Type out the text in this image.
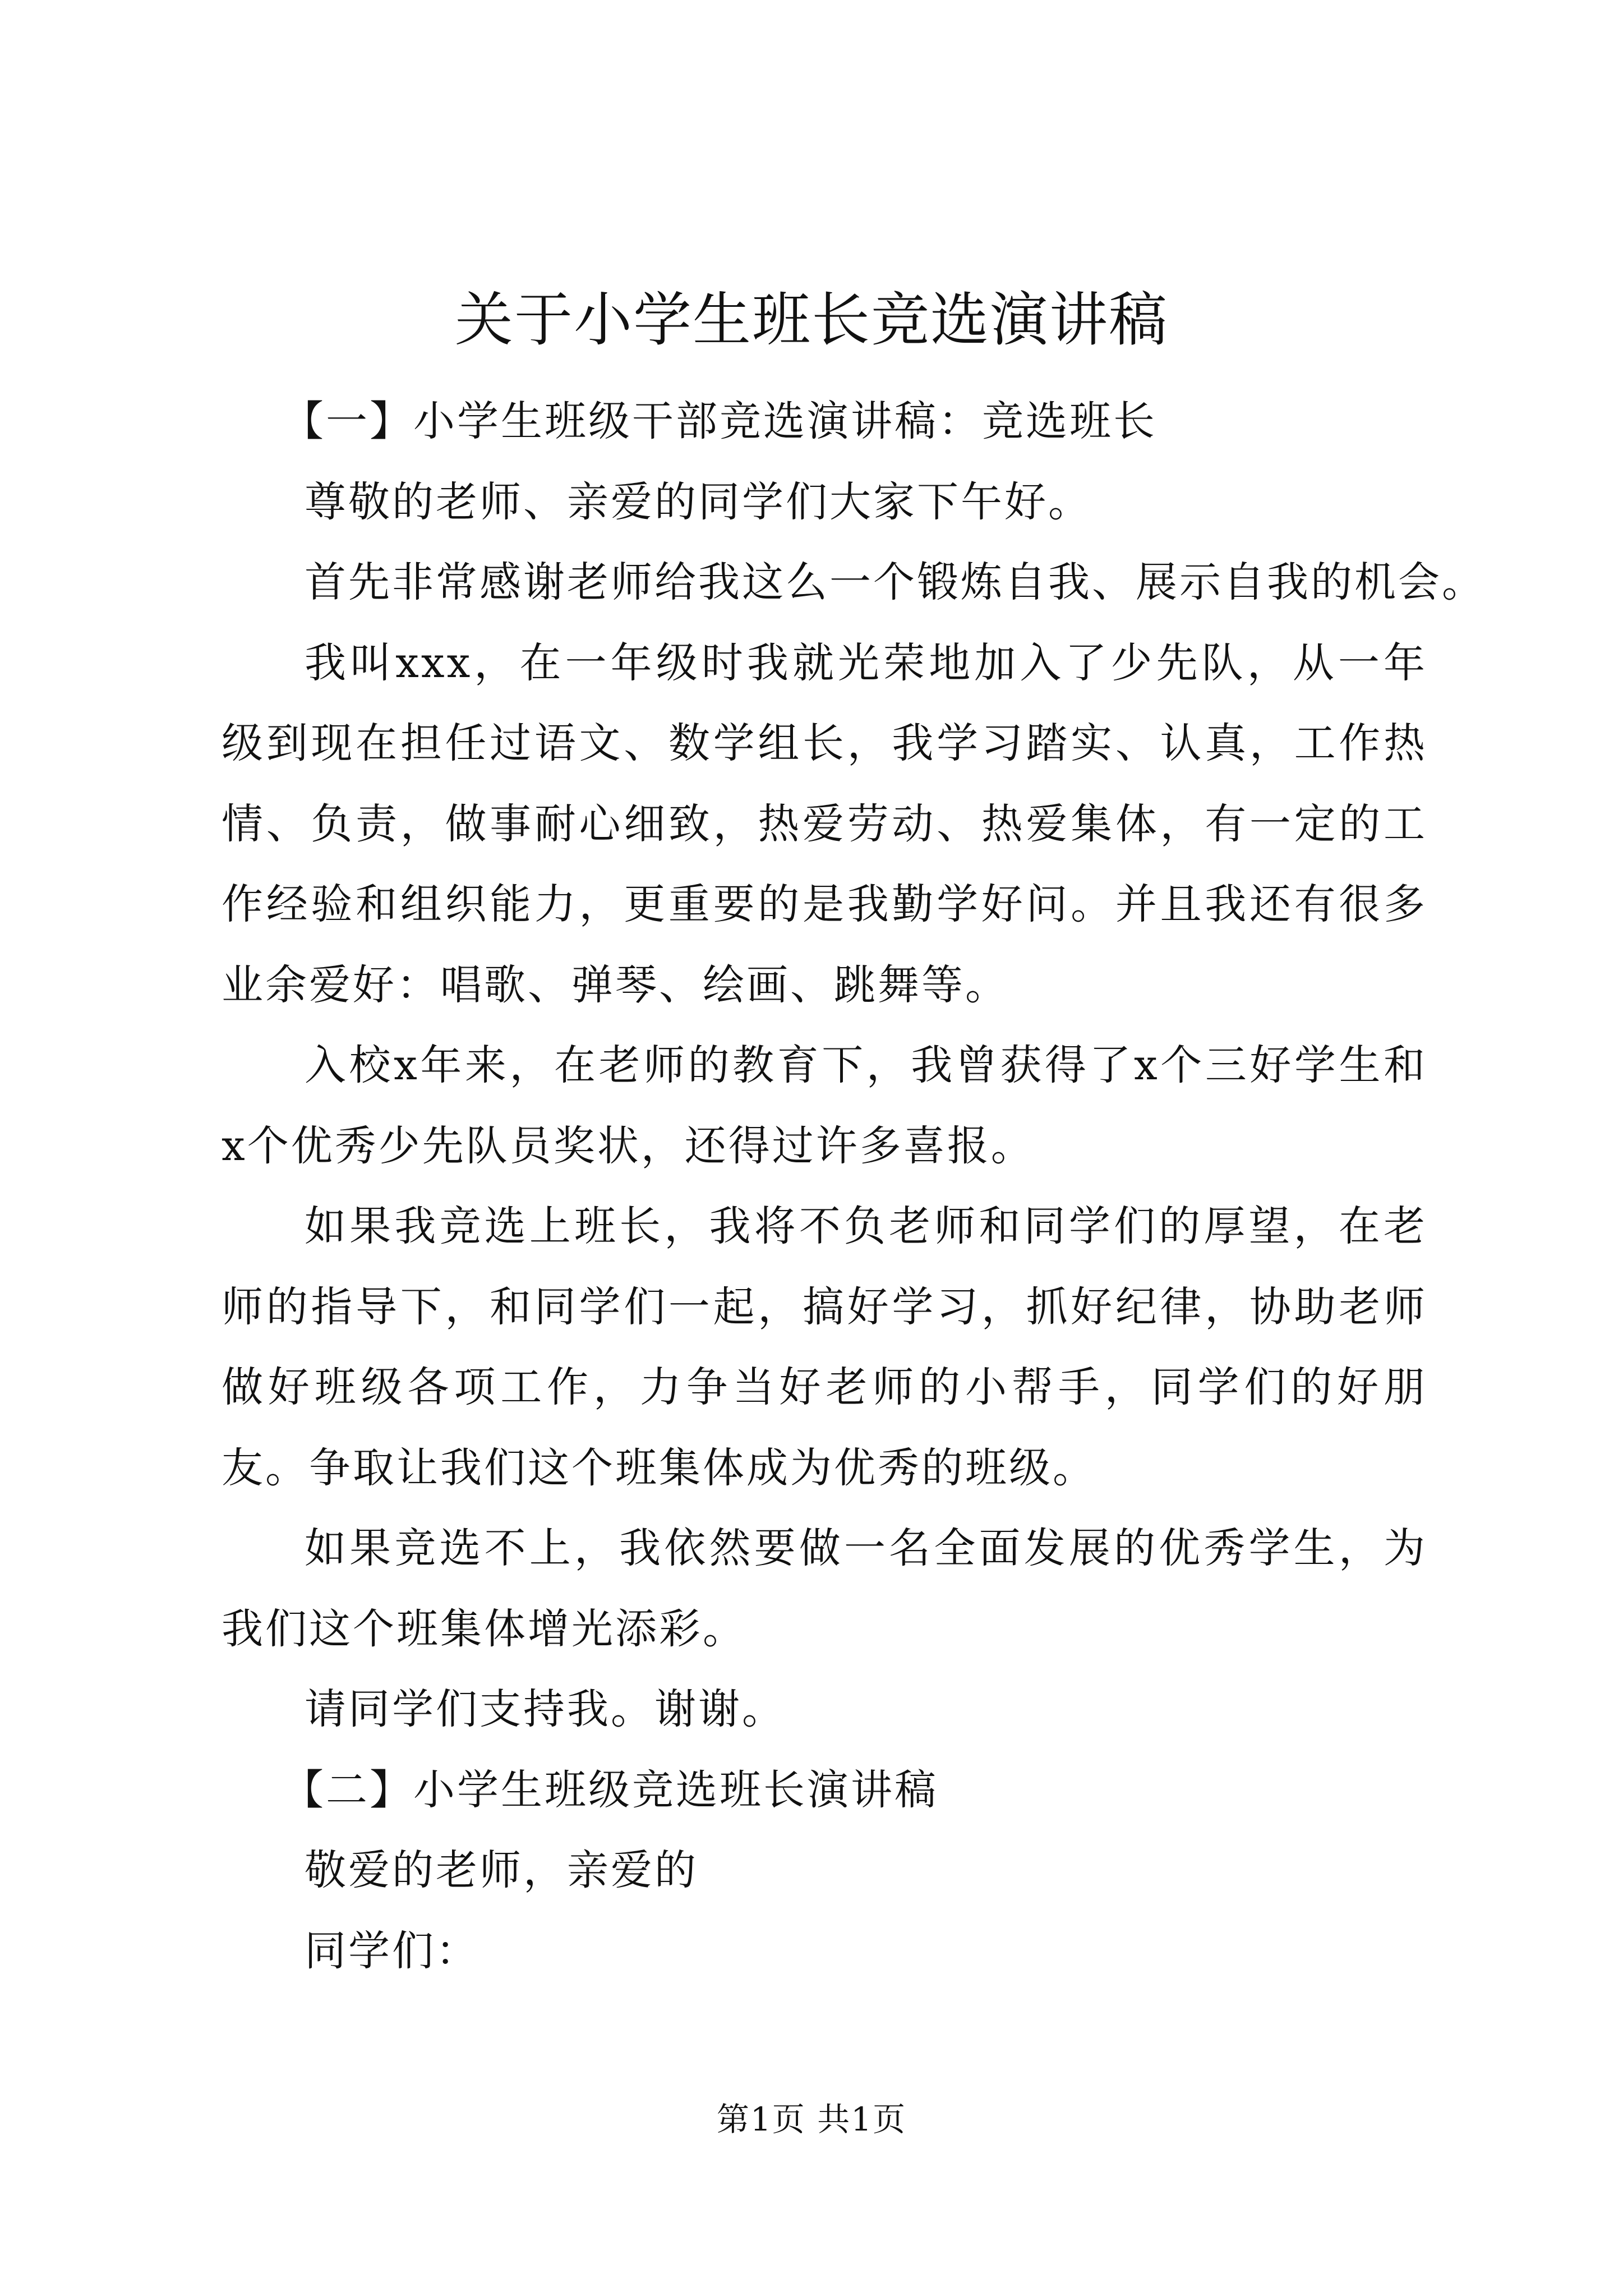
关于小学生班长竞选演讲稿

【一】小学生班级干部竞选演讲稿：竞选班长

尊敬的老师、亲爱的同学们大家下午好。

首先非常感谢老师给我这么一个锻炼自我、展示自我的机会。

我叫xxx，在一年级时我就光荣地加入了少先队，从一年级到现在担任过语文、数学组长，我学习踏实、认真，工作热情、负责，做事耐心细致，热爱劳动、热爱集体，有一定的工作经验和组织能力，更重要的是我勤学好问。并且我还有很多业余爱好：唱歌、弹琴、绘画、跳舞等。

入校x年来，在老师的教育下，我曾获得了x个三好学生和x个优秀少先队员奖状，还得过许多喜报。

如果我竞选上班长，我将不负老师和同学们的厚望，在老师的指导下，和同学们一起，搞好学习，抓好纪律，协助老师做好班级各项工作，力争当好老师的小帮手，同学们的好朋友。争取让我们这个班集体成为优秀的班级。

如果竞选不上，我依然要做一名全面发展的优秀学生，为我们这个班集体增光添彩。

请同学们支持我。谢谢。

【二】小学生班级竞选班长演讲稿

敬爱的老师，亲爱的

同学们：

第1页 共1页
